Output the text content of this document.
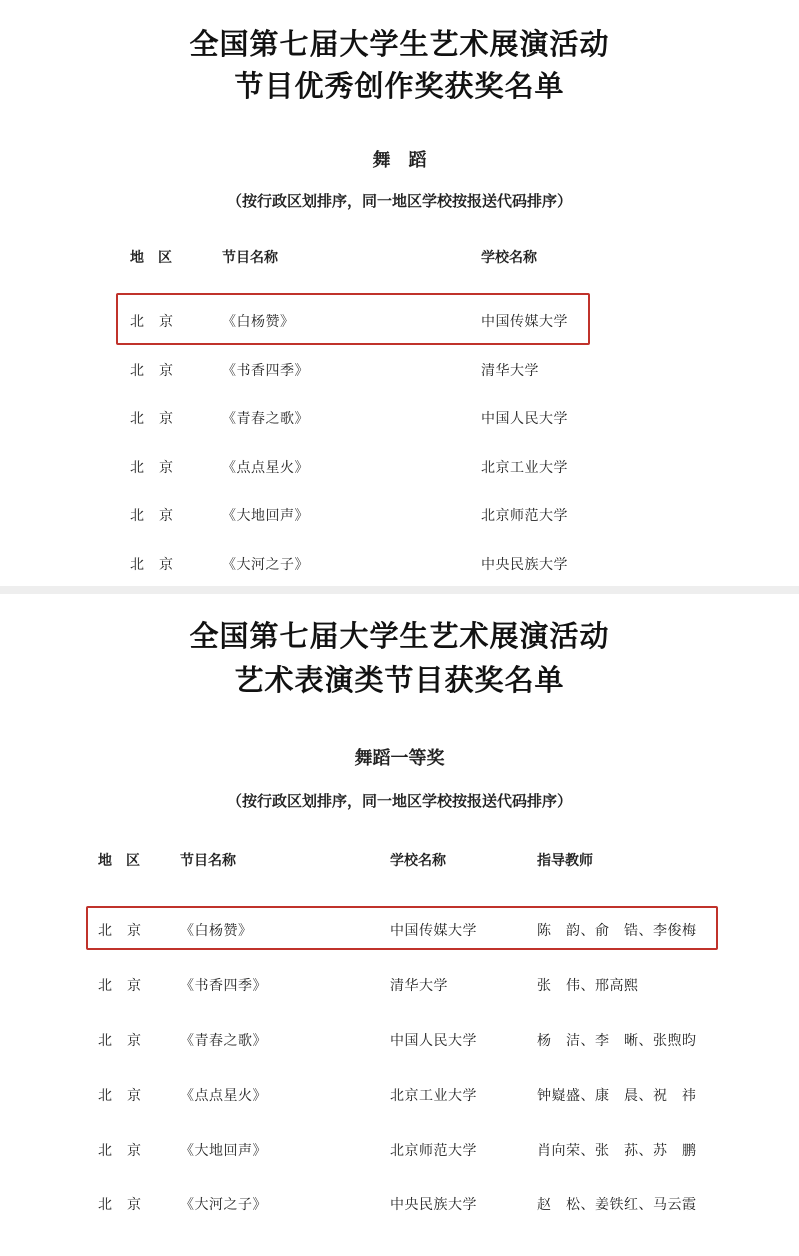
全国第七届大学生艺术展演活动
节目优秀创作奖获奖名单
舞　蹈
（按行政区划排序，同一地区学校按报送代码排序）
地　区	节目名称	学校名称
北　京	《白杨赞》	中国传媒大学
北　京	《书香四季》	清华大学
北　京	《青春之歌》	中国人民大学
北　京	《点点星火》	北京工业大学
北　京	《大地回声》	北京师范大学
北　京	《大河之子》	中央民族大学
全国第七届大学生艺术展演活动
艺术表演类节目获奖名单
舞蹈一等奖
（按行政区划排序，同一地区学校按报送代码排序）
地　区	节目名称	学校名称	指导教师
北　京	《白杨赞》	中国传媒大学	陈　韵、俞　锆、李俊梅
北　京	《书香四季》	清华大学	张　伟、邢高熙
北　京	《青春之歌》	中国人民大学	杨　洁、李　晰、张煦昀
北　京	《点点星火》	北京工业大学	钟嶷盛、康　晨、祝　祎
北　京	《大地回声》	北京师范大学	肖向荣、张　荪、苏　鹏
北　京	《大河之子》	中央民族大学	赵　松、姜铁红、马云霞
